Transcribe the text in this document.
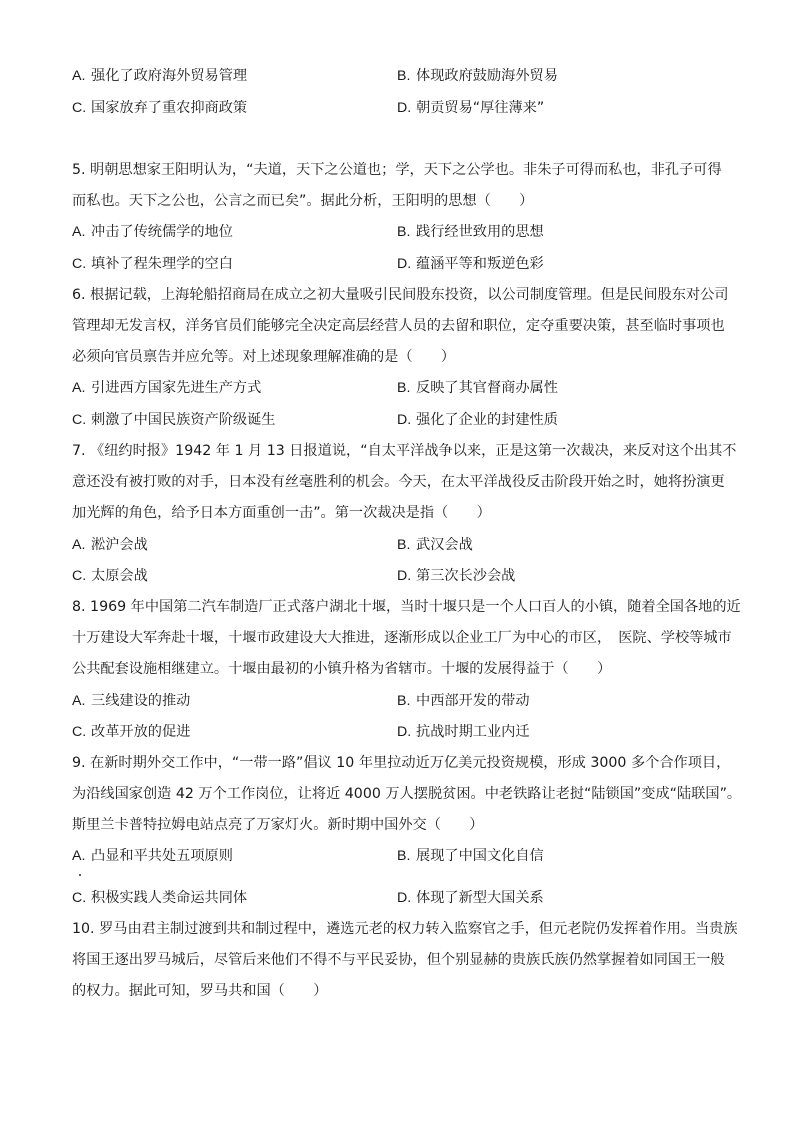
A. 强化了政府海外贸易管理	B. 体现政府鼓励海外贸易
C. 国家放弃了重农抑商政策	D. 朝贡贸易“厚往薄来”
5. 明朝思想家王阳明认为，“夫道，天下之公道也；学，天下之公学也。非朱子可得而私也，非孔子可得
而私也。天下之公也，公言之而已矣”。据此分析，王阳明的思想（　　）
A. 冲击了传统儒学的地位	B. 践行经世致用的思想
C. 填补了程朱理学的空白	D. 蕴涵平等和叛逆色彩
6. 根据记载，上海轮船招商局在成立之初大量吸引民间股东投资，以公司制度管理。但是民间股东对公司
管理却无发言权，洋务官员们能够完全决定高层经营人员的去留和职位，定夺重要决策，甚至临时事项也
必须向官员禀告并应允等。对上述现象理解准确的是（　　）
A. 引进西方国家先进生产方式	B. 反映了其官督商办属性
C. 刺激了中国民族资产阶级诞生	D. 强化了企业的封建性质
7. 《纽约时报》1942 年 1 月 13 日报道说，“自太平洋战争以来，正是这第一次裁决，来反对这个出其不
意还没有被打败的对手，日本没有丝毫胜利的机会。今天，在太平洋战役反击阶段开始之时，她将扮演更
加光辉的角色，给予日本方面重创一击”。第一次裁决是指（　　）
A. 淞沪会战	B. 武汉会战
C. 太原会战	D. 第三次长沙会战
8. 1969 年中国第二汽车制造厂正式落户湖北十堰，当时十堰只是一个人口百人的小镇，随着全国各地的近
十万建设大军奔赴十堰，十堰市政建设大大推进，逐渐形成以企业工厂为中心的市区，　医院、学校等城市
公共配套设施相继建立。十堰由最初的小镇升格为省辖市。十堰的发展得益于（　　）
A. 三线建设的推动	B. 中西部开发的带动
C. 改革开放的促进	D. 抗战时期工业内迁
9. 在新时期外交工作中，“一带一路”倡议 10 年里拉动近万亿美元投资规模，形成 3000 多个合作项目，
为沿线国家创造 42 万个工作岗位，让将近 4000 万人摆脱贫困。中老铁路让老挝“陆锁国”变成“陆联国”。
斯里兰卡普特拉姆电站点亮了万家灯火。新时期中国外交（　　）
A. 凸显和平共处五项原则	B. 展现了中国文化自信
C. 积极实践人类命运共同体	D. 体现了新型大国关系
10. 罗马由君主制过渡到共和制过程中，遴选元老的权力转入监察官之手，但元老院仍发挥着作用。当贵族
将国王逐出罗马城后，尽管后来他们不得不与平民妥协，但个别显赫的贵族氏族仍然掌握着如同国王一般
的权力。据此可知，罗马共和国（　　）
